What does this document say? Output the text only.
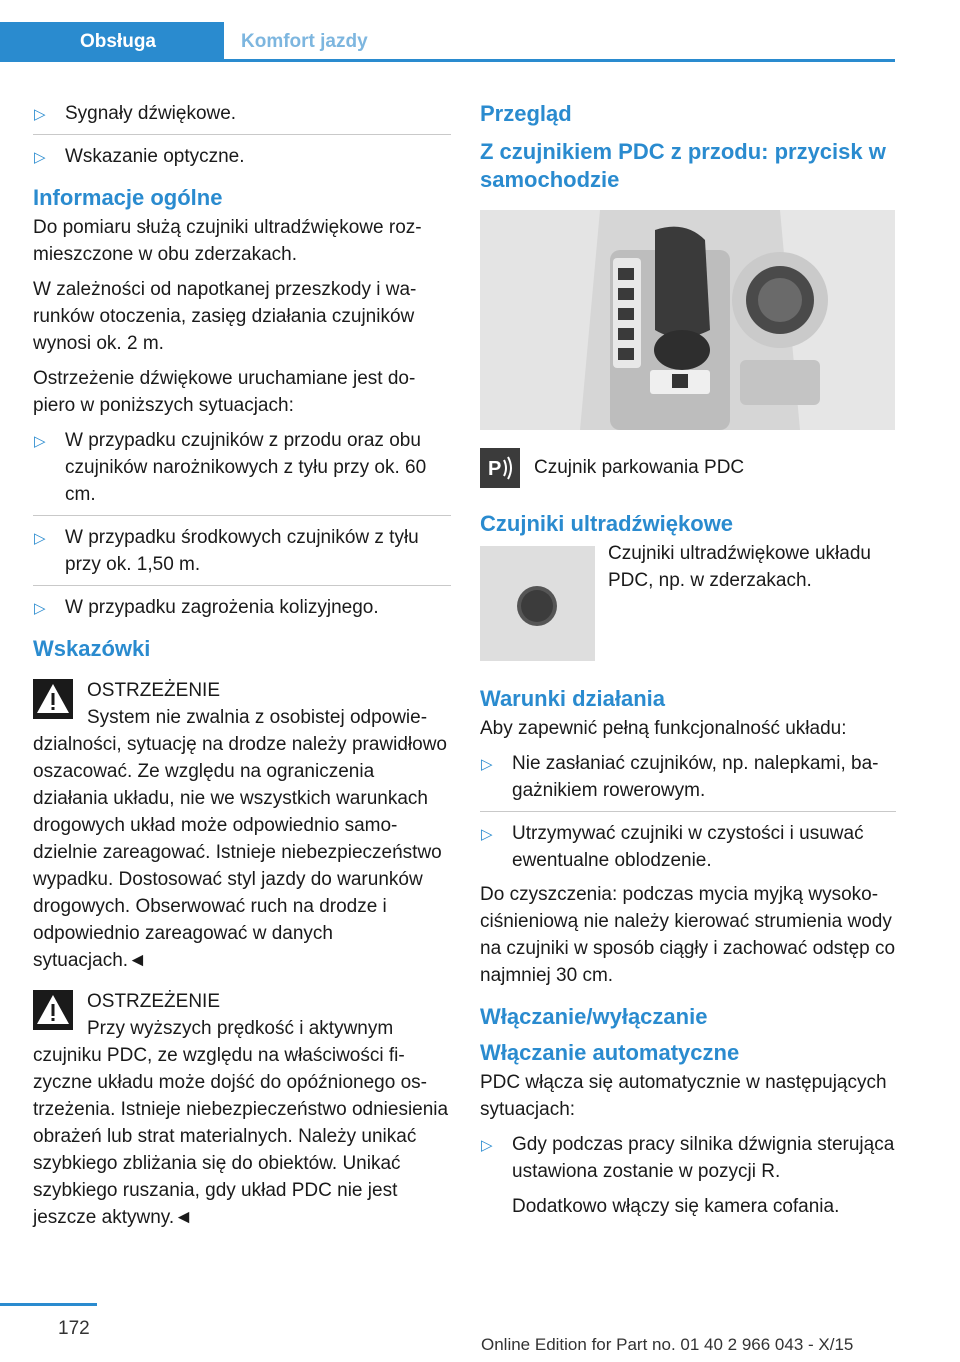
Obsługa	Komfort jazdy
▷ Sygnały dźwiękowe.
▷ Wskazanie optyczne.
Informacje ogólne

Do pomiaru służą czujniki ultradźwiękowe rozmieszczone w obu zderzakach.

W zależności od napotkanej przeszkody i warunków otoczenia, zasięg działania czujników wynosi ok. 2 m.

Ostrzeżenie dźwiękowe uruchamiane jest dopiero w poniższych sytuacjach:

▷ W przypadku czujników z przodu oraz obu czujników narożnikowych z tyłu przy ok. 60 cm.
▷ W przypadku środkowych czujników z tyłu przy ok. 1,50 m.
▷ W przypadku zagrożenia kolizyjnego.
Wskazówki
OSTRZEŻENIE

System nie zwalnia z osobistej odpowiedzialności, sytuację na drodze należy prawidłowo oszacować. Ze względu na ograniczenia działania układu, nie we wszystkich warunkach drogowych układ może odpowiednio samodzielnie zareagować. Istnieje niebezpieczeństwo wypadku. Dostosować styl jazdy do warunków drogowych. Obserwować ruch na drodze i odpowiednio zareagować w danych sytuacjach.◄

OSTRZEŻENIE

Przy wyższych prędkość i aktywnym czujniku PDC, ze względu na właściwości fizyczne układu może dojść do opóźnionego ostrzeżenia. Istnieje niebezpieczeństwo odniesienia obrażeń lub strat materialnych. Należy unikać szybkiego zbliżania się do obiektów. Unikać szybkiego ruszania, gdy układ PDC nie jest jeszcze aktywny.◄

Przegląd
Z czujnikiem PDC z przodu: przycisk w samochodzie
P Czujnik parkowania PDC
Czujniki ultradźwiękowe

Czujniki ultradźwiękowe układu PDC, np. w zderzakach.

Warunki działania

Aby zapewnić pełną funkcjonalność układu:

▷ Nie zasłaniać czujników, np. nalepkami, bagażnikiem rowerowym.
▷ Utrzymywać czujniki w czystości i usuwać ewentualne oblodzenie.

Do czyszczenia: podczas mycia myjką wysokociśnieniową nie należy kierować strumienia wody na czujniki w sposób ciągły i zachować odstęp co najmniej 30 cm.

Włączanie/wyłączanie
Włączanie automatyczne

PDC włącza się automatycznie w następujących sytuacjach:

▷ Gdy podczas pracy silnika dźwignia sterująca ustawiona zostanie w pozycji R.
Dodatkowo włączy się kamera cofania.
172
Online Edition for Part no. 01 40 2 966 043 - X/15
